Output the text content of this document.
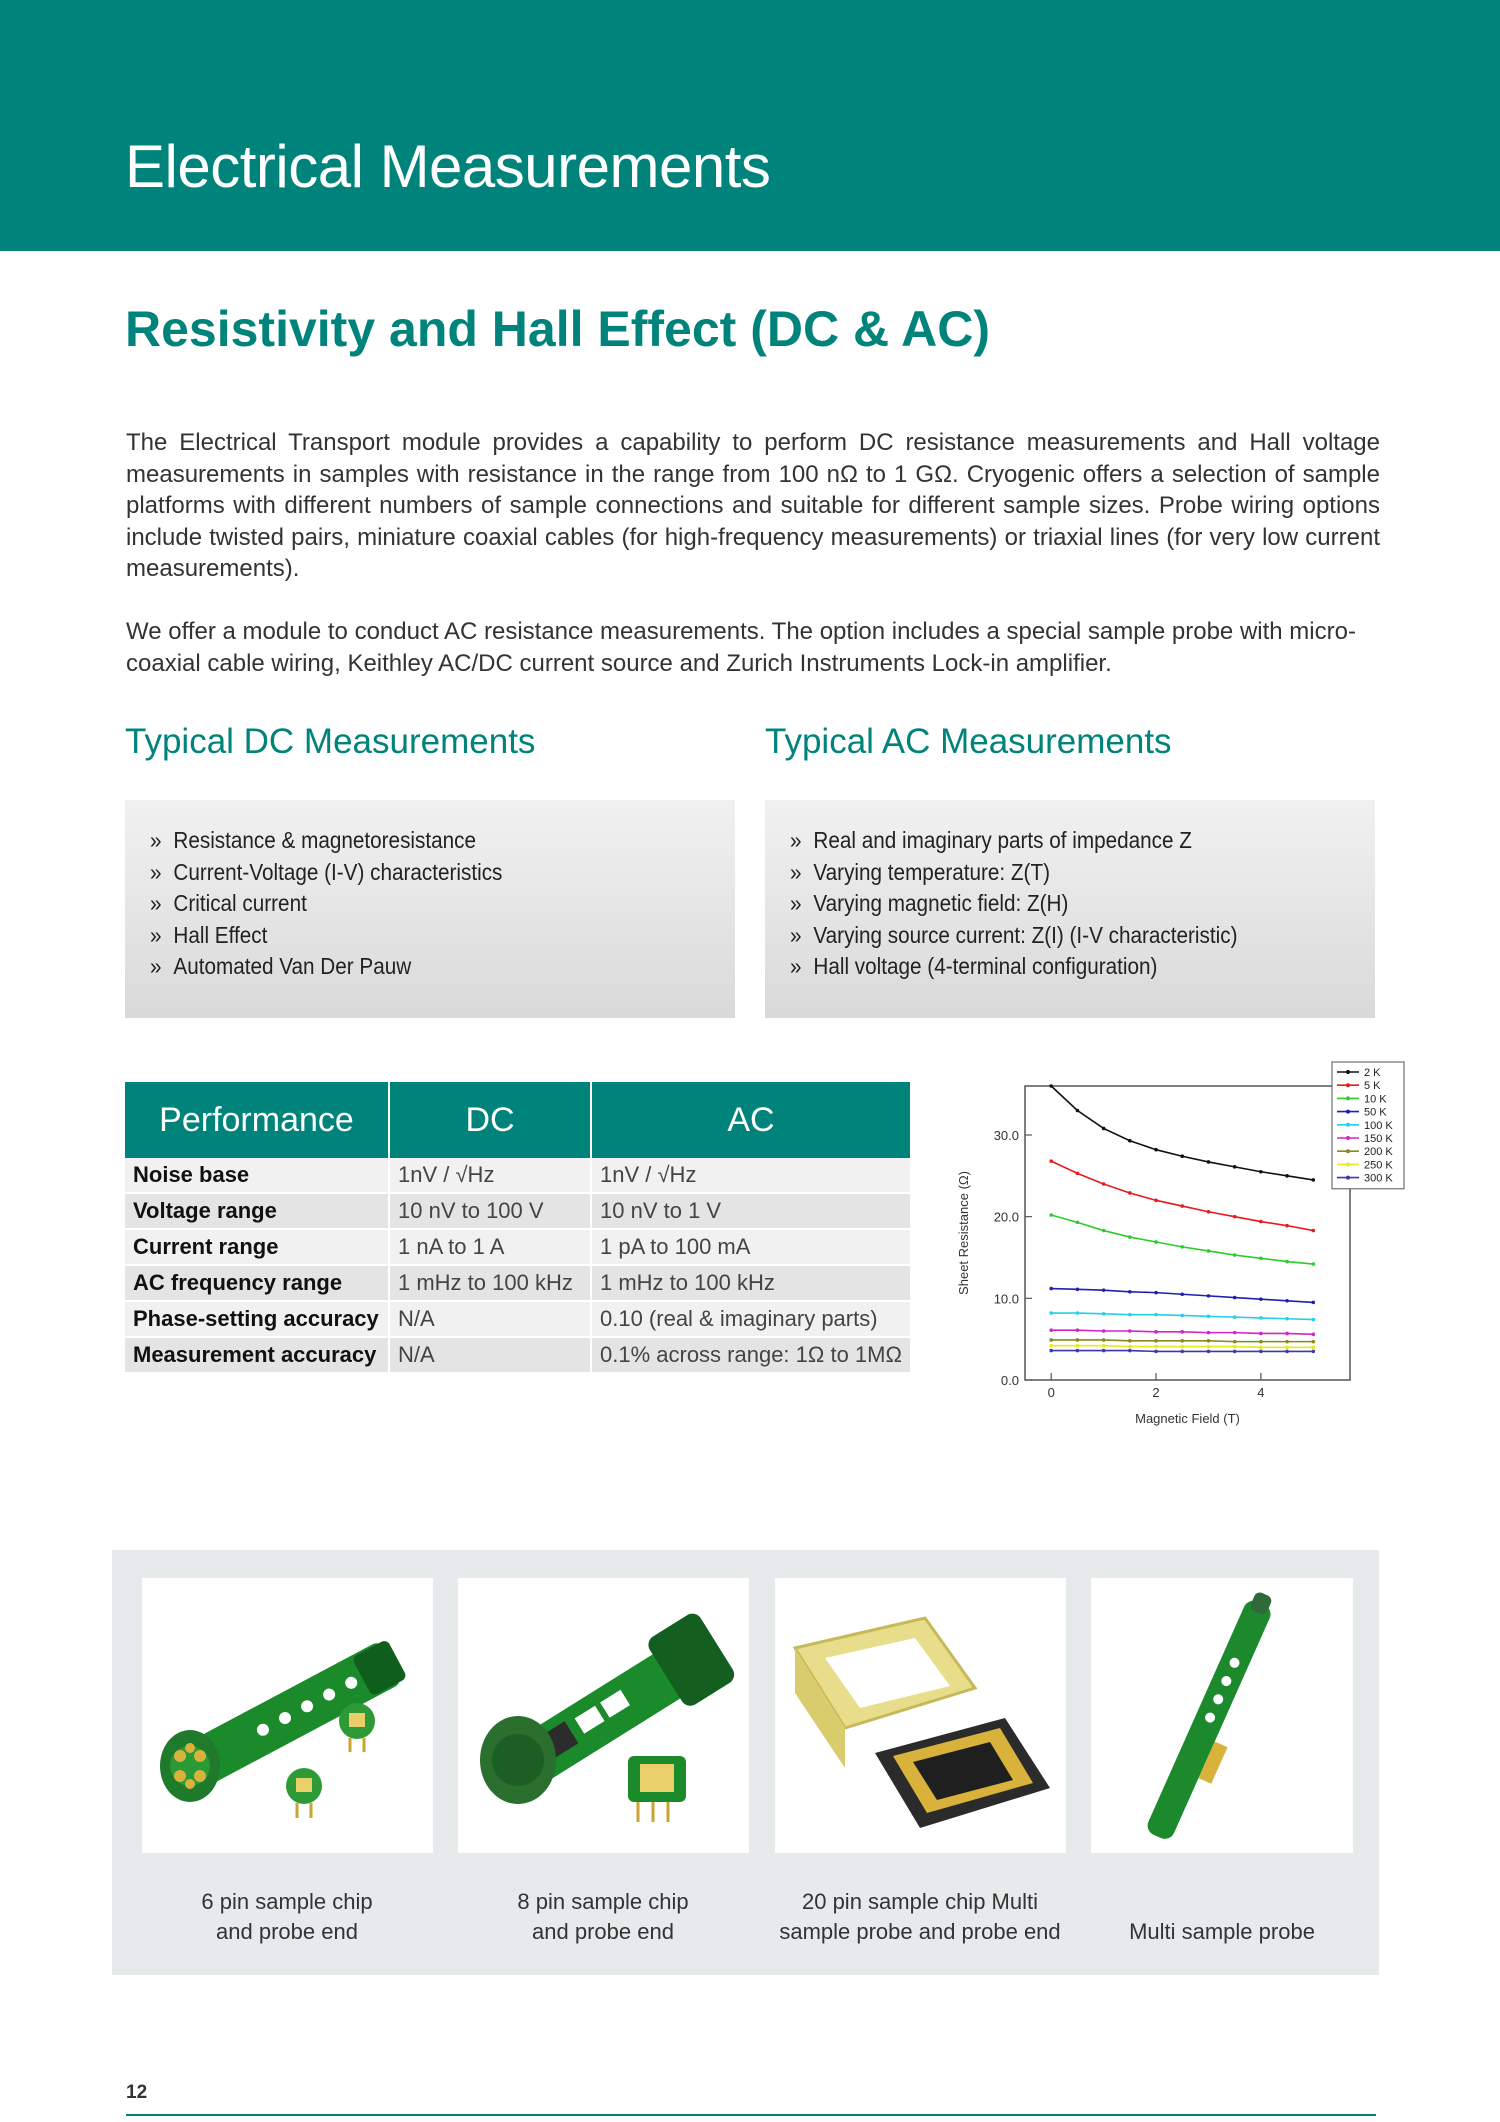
Electrical Measurements
Resistivity and Hall Effect (DC & AC)

The Electrical Transport module provides a capability to perform DC resistance measurements and Hall voltage measurements in samples with resistance in the range from 100 nΩ to 1 GΩ. Cryogenic offers a selection of sample platforms with different numbers of sample connections and suitable for different sample sizes. Probe wiring options include twisted pairs, miniature coaxial cables (for high-frequency measurements) or triaxial lines (for very low current measurements).

We offer a module to conduct AC resistance measurements. The option includes a special sample probe with micro-coaxial cable wiring, Keithley AC/DC current source and Zurich Instruments Lock-in amplifier.

Typical DC Measurements	Typical AC Measurements
» Resistance & magnetoresistance
» Current-Voltage (I-V) characteristics
» Critical current
» Hall Effect
» Automated Van Der Pauw
» Real and imaginary parts of impedance Z
» Varying temperature: Z(T)
» Varying magnetic field: Z(H)
» Varying source current: Z(I) (I-V characteristic)
» Hall voltage (4-terminal configuration)
Performance	DC	AC
Noise base	1nV / √Hz	1nV / √Hz
Voltage range	10 nV to 100 V	10 nV to 1 V
Current range	1 nA to 1 A	1 pA to 100 mA
AC frequency range	1 mHz to 100 kHz	1 mHz to 100 kHz
Phase-setting accuracy	N/A	0.10 (real & imaginary parts)
Measurement accuracy	N/A	0.1% across range: 1Ω to 1MΩ
0.0
10.0
20.0
30.0
0	2	4
Magnetic Field (T)
Sheet Resistance (Ω)
2 K
5 K
10 K
50 K
100 K
150 K
200 K
250 K
300 K
6 pin sample chip
and probe end
8 pin sample chip
and probe end
20 pin sample chip Multi
sample probe and probe end	Multi sample probe
12
